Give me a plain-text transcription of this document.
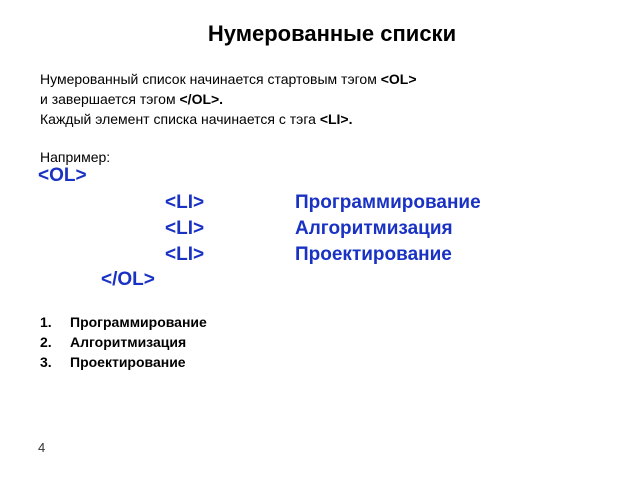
Нумерованные списки
Нумерованный список начинается стартовым тэгом <OL>
и завершается тэгом </OL>.
Каждый элемент списка начинается с тэга <LI>.
Например:
<OL>
<LI>	Программирование
<LI>	Алгоритмизация
<LI>	Проектирование
</OL>
1. Программирование
2. Алгоритмизация
3. Проектирование
4
